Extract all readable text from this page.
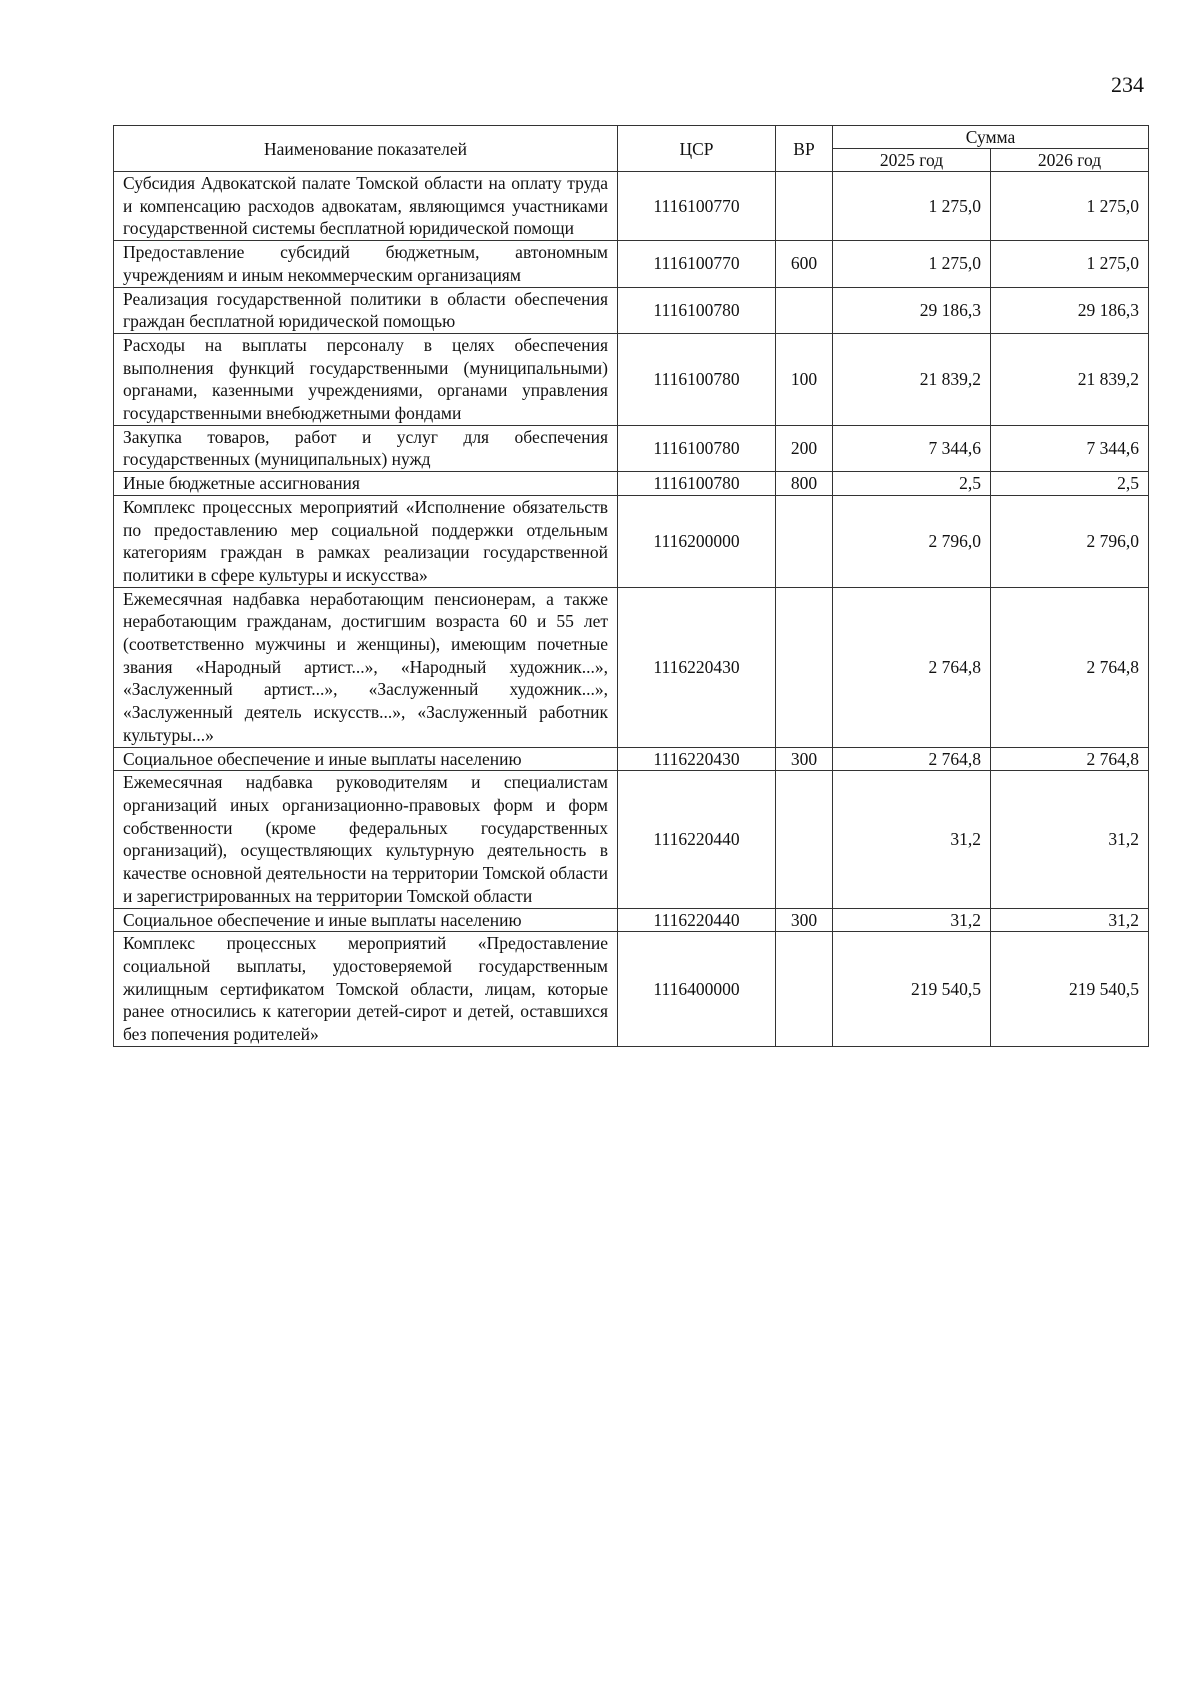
234
Наименование показателей	ЦСР	ВР	Сумма	
			2025 год	2026 год
Субсидия Адвокатской палате Томской области на оплату труда и компенсацию расходов адвокатам, являющимся участниками государственной системы бесплатной юридической помощи	1116100770		1 275,0	1 275,0
Предоставление субсидий бюджетным, автономным учреждениям и иным некоммерческим организациям	1116100770	600	1 275,0	1 275,0
Реализация государственной политики в области обеспечения граждан бесплатной юридической помощью	1116100780		29 186,3	29 186,3
Расходы на выплаты персоналу в целях обеспечения выполнения функций государственными (муниципальными) органами, казенными учреждениями, органами управления государственными внебюджетными фондами	1116100780	100	21 839,2	21 839,2
Закупка товаров, работ и услуг для обеспечения государственных (муниципальных) нужд	1116100780	200	7 344,6	7 344,6
Иные бюджетные ассигнования	1116100780	800	2,5	2,5
Комплекс процессных мероприятий «Исполнение обязательств по предоставлению мер социальной поддержки отдельным категориям граждан в рамках реализации государственной политики в сфере культуры и искусства»	1116200000		2 796,0	2 796,0
Ежемесячная надбавка неработающим пенсионерам, а также неработающим гражданам, достигшим возраста 60 и 55 лет (соответственно мужчины и женщины), имеющим почетные звания «Народный артист...», «Народный художник...», «Заслуженный артист...», «Заслуженный художник...», «Заслуженный деятель искусств...», «Заслуженный работник культуры...»	1116220430		2 764,8	2 764,8
Социальное обеспечение и иные выплаты населению	1116220430	300	2 764,8	2 764,8
Ежемесячная надбавка руководителям и специалистам организаций иных организационно-правовых форм и форм собственности (кроме федеральных государственных организаций), осуществляющих культурную деятельность в качестве основной деятельности на территории Томской области и зарегистрированных на территории Томской области	1116220440		31,2	31,2
Социальное обеспечение и иные выплаты населению	1116220440	300	31,2	31,2
Комплекс процессных мероприятий «Предоставление социальной выплаты, удостоверяемой государственным жилищным сертификатом Томской области, лицам, которые ранее относились к категории детей-сирот и детей, оставшихся без попечения родителей»	1116400000		219 540,5	219 540,5
